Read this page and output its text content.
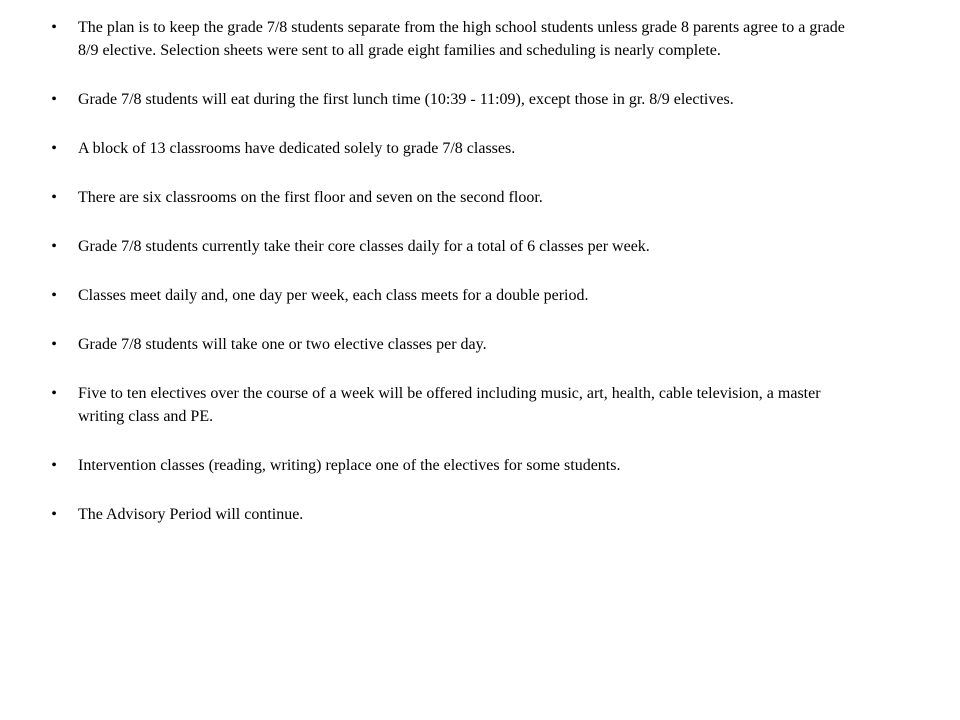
•	The plan is to keep the grade 7/8 students separate from the high school students unless grade 8 parents agree to a grade 8/9 elective. Selection sheets were sent to all grade eight families and scheduling is nearly complete.
•	Grade 7/8 students will eat during the first lunch time (10:39 - 11:09), except those in gr. 8/9 electives.
•	A block of 13 classrooms have dedicated solely to grade 7/8 classes.
•	There are six classrooms on the first floor and seven on the second floor.
•	Grade 7/8 students currently take their core classes daily for a total of 6 classes per week.
•	Classes meet daily and, one day per week, each class meets for a double period.
•	Grade 7/8 students will take one or two elective classes per day.
•	Five to ten electives over the course of a week will be offered including music, art, health, cable television, a master writing class and PE.
•	Intervention classes (reading, writing) replace one of the electives for some students.
•	The Advisory Period will continue.
